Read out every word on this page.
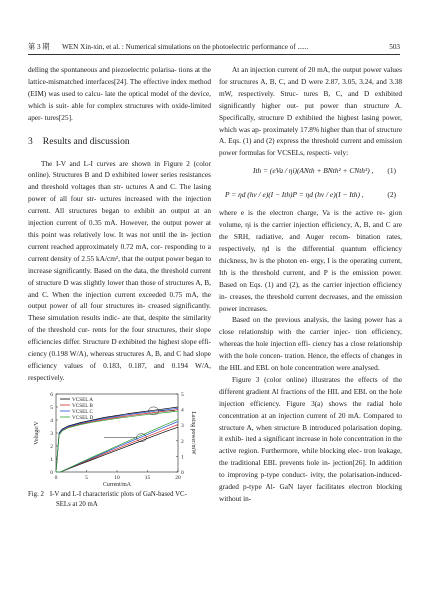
第 3 期 WEN Xin-xin, et al. : Numerical simulations on the photoelectric performance of ......	503

delling the spontaneous and piezoelectric polarisa- tions at the lattice-mismatched interfaces[24]. The effective index method (EIM) was used to calcu- late the optical model of the device, which is suit- able for complex structures with oxide-limited aper- tures[25].

3 Results and discussion

The I-V and L-I curves are shown in Figure 2 (color online). Structures B and D exhibited lower series resistances and threshold voltages than str- uctures A and C. The lasing power of all four str- uctures increased with the injection current. All structures began to exhibit an output at an injection current of 0.35 mA. However, the output power at this point was relatively low. It was not until the in- jection current reached approximately 0.72 mA, cor- responding to a current density of 2.55 kA/cm², that the output power began to increase significantly. Based on the data, the threshold current of structure D was slightly lower than those of structures A, B, and C. When the injection current exceeded 0.75 mA, the output power of all four structures in- creased significantly. These simulation results indic- ate that, despite the similarity of the threshold cur- rents for the four structures, their slope efficiencies differ. Structure D exhibited the highest slope effi- ciency (0.198 W/A), whereas structures A, B, and C had slope efficiency values of 0.183, 0.187, and 0.194 W/A, respectively.

0	5	10	15	20
0
1
2
3
4
5
6
0
1
2
3
4
5
Current/mA
Voltage/V	Lasing power/mW
VCSEL A
VCSEL B
VCSEL C
VCSEL D
Fig. 2 I-V and L-I characteristic plots of GaN-based VC-
SELs at 20 mA

At an injection current of 20 mA, the output power values for structures A, B, C, and D were 2.87, 3.05, 3.24, and 3.38 mW, respectively. Struc- tures B, C, and D exhibited significantly higher out- put power than structure A. Specifically, structure D exhibited the highest lasing power, which was ap- proximately 17.8% higher than that of structure A. Eqs. (1) and (2) express the threshold current and emission power formulas for VCSELs, respecti- vely:

Ith = (eVa / ηi)(ANth + BNth² + CNth³) , (1)
P = ηd (hν / e)(I − Ith)P = ηd (hν / e)(I − Ith) ,	(2)

where e is the electron charge, Va is the active re- gion volume, ηi is the carrier injection efficiency, A, B, and C are the SRH, radiative, and Auger recom- bination rates, respectively, ηd is the differential quantum efficiency thickness, hν is the photon en- ergy, I is the operating current, Ith is the threshold current, and P is the emission power. Based on Eqs. (1) and (2), as the carrier injection efficiency in- creases, the threshold current decreases, and the emission power increases.

Based on the previous analysis, the lasing power has a close relationship with the carrier injec- tion efficiency, whereas the hole injection effi- ciency has a close relationship with the hole concen- tration. Hence, the effects of changes in the HIL and EBL on hole concentration were analysed.

Figure 3 (color online) illustrates the effects of the different gradient Al fractions of the HIL and EBL on the hole injection efficiency. Figure 3(a) shows the radial hole concentration at an injection current of 20 mA. Compared to structure A, when structure B introduced polarisation doping, it exhib- ited a significant increase in hole concentration in the active region. Furthermore, while blocking elec- tron leakage, the traditional EBL prevents hole in- jection[26]. In addition to improving p-type conduct- ivity, the polarisation-induced-graded p-type Al- GaN layer facilitates electron blocking without in-
